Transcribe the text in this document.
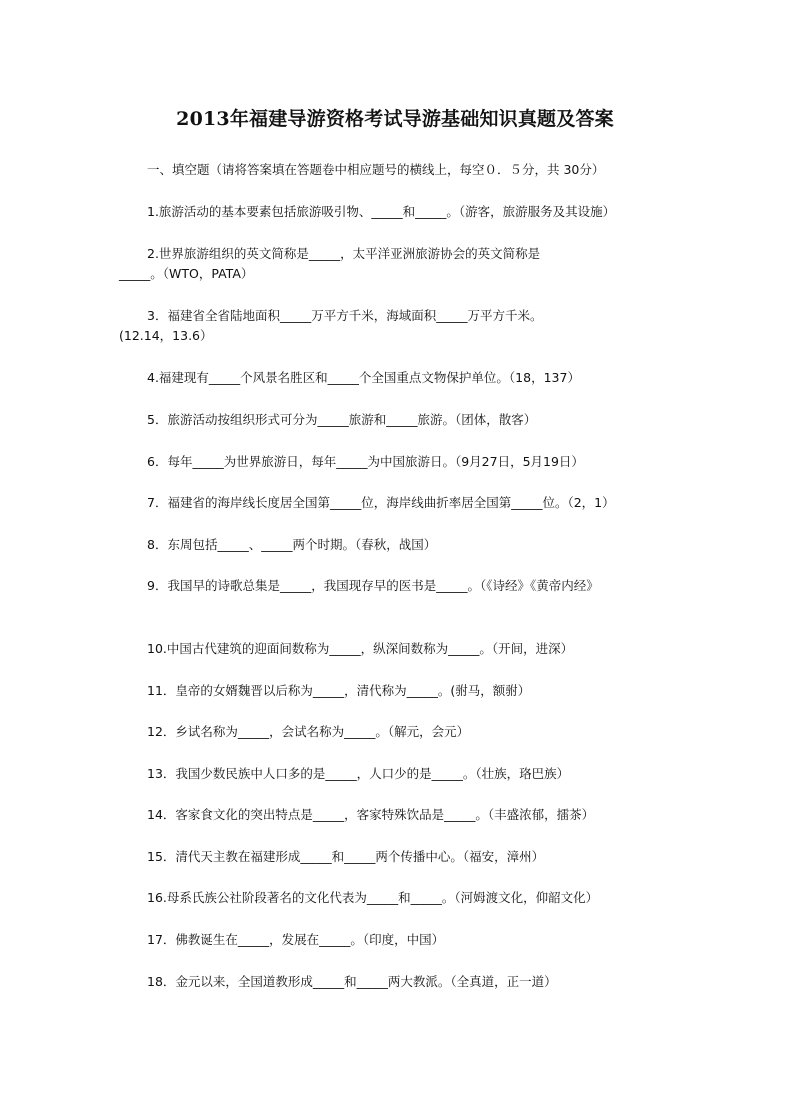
2013年福建导游资格考试导游基础知识真题及答案
一、填空题（请将答案填在答题卷中相应题号的横线上，每空０．５分，共 30分）
1.旅游活动的基本要素包括旅游吸引物、_____和_____。（游客，旅游服务及其设施）
2.世界旅游组织的英文简称是_____，太平洋亚洲旅游协会的英文简称是
_____。（WTO，PATA）
3．福建省全省陆地面积_____万平方千米，海域面积_____万平方千米。
(12.14，13.6）
4.福建现有_____个风景名胜区和_____个全国重点文物保护单位。（18，137）
5．旅游活动按组织形式可分为_____旅游和_____旅游。（团体，散客）
6．每年_____为世界旅游日，每年_____为中国旅游日。（9月27日，5月19日）
7．福建省的海岸线长度居全国第_____位，海岸线曲折率居全国第_____位。（2，1）
8．东周包括_____、_____两个时期。（春秋，战国）
9．我国早的诗歌总集是_____，我国现存早的医书是_____。（《诗经》《黄帝内经》
10.中国古代建筑的迎面间数称为_____，纵深间数称为_____。（开间，进深）
11．皇帝的女婿魏晋以后称为_____，清代称为_____。(驸马，额驸）
12．乡试名称为_____，会试名称为_____。（解元，会元）
13．我国少数民族中人口多的是_____，人口少的是_____。（壮族，珞巴族）
14．客家食文化的突出特点是_____，客家特殊饮品是_____。（丰盛浓郁，擂茶）
15．清代天主教在福建形成_____和_____两个传播中心。（福安，漳州）
16.母系氏族公社阶段著名的文化代表为_____和_____。（河姆渡文化，仰韶文化）
17．佛教诞生在_____，发展在_____。（印度，中国）
18．金元以来，全国道教形成_____和_____两大教派。（全真道，正一道）
